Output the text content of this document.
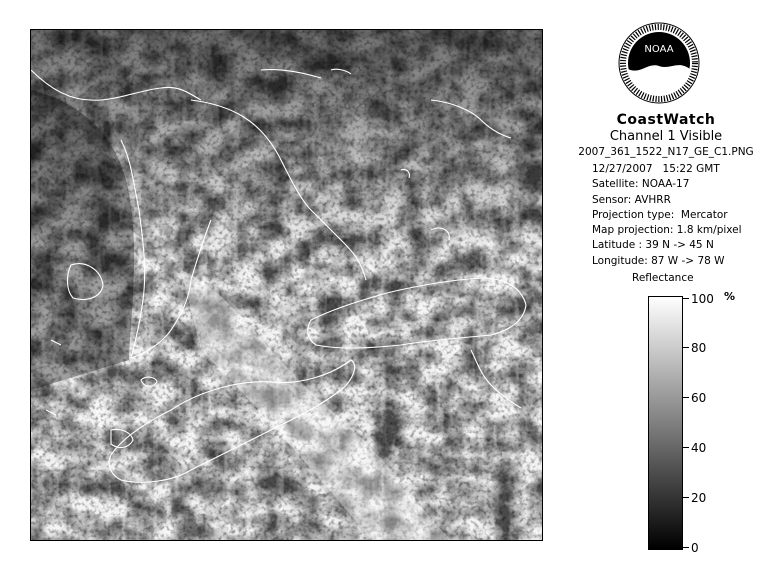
NOAA
CoastWatch
Channel 1 Visible
2007_361_1522_N17_GE_C1.PNG
12/27/2007   15:22 GMT
Satellite: NOAA-17
Sensor: AVHRR
Projection type:  Mercator
Map projection: 1.8 km/pixel
Latitude : 39 N -> 45 N
Longitude: 87 W -> 78 W
Reflectance
%
100
80
60
40
20
0
